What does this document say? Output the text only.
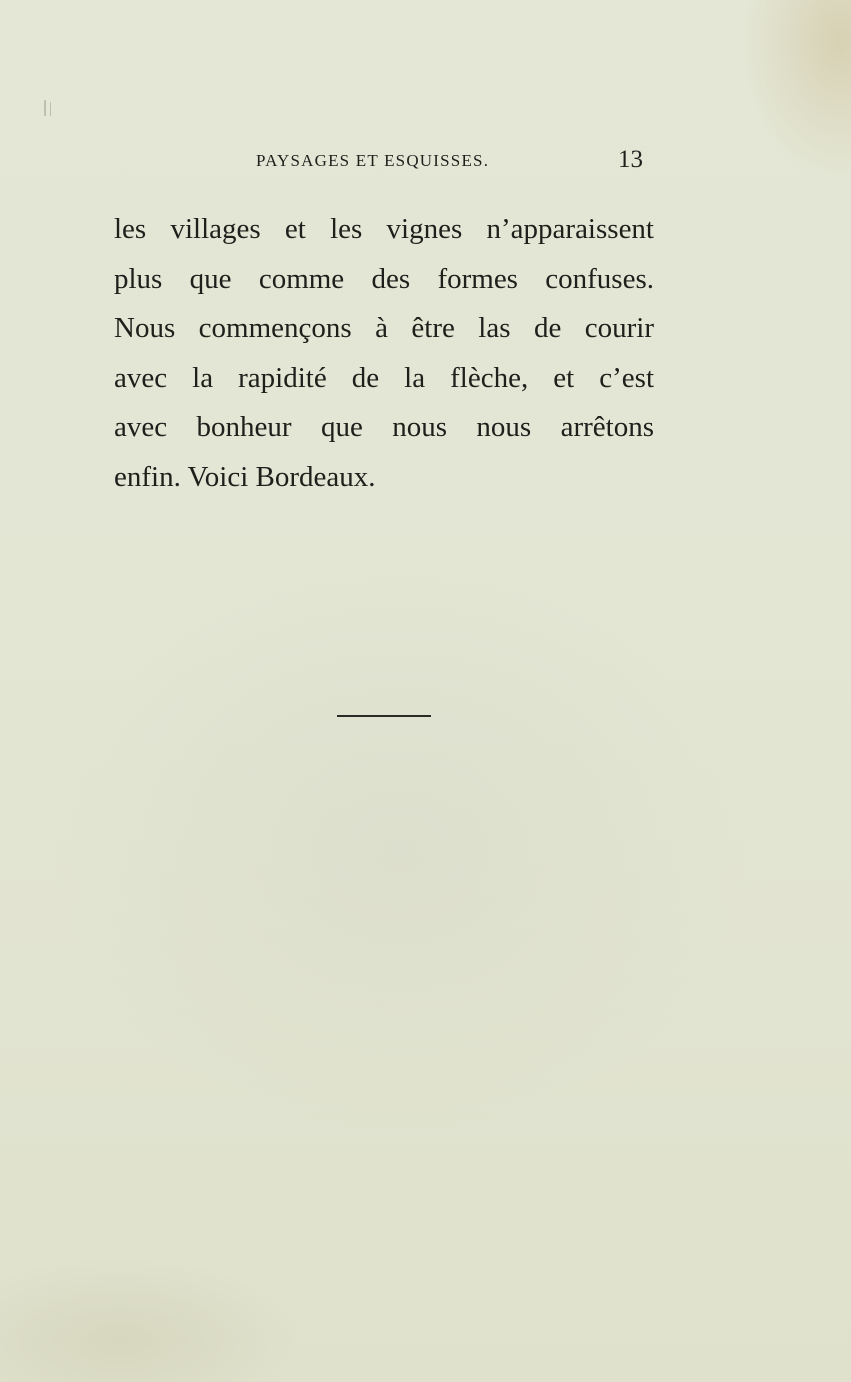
PAYSAGES ET ESQUISSES.	13
les villages et les vignes n’apparaissent
plus que comme des formes confuses.
Nous commençons à être las de courir
avec la rapidité de la flèche, et c’est
avec bonheur que nous nous arrêtons
enfin. Voici Bordeaux.
